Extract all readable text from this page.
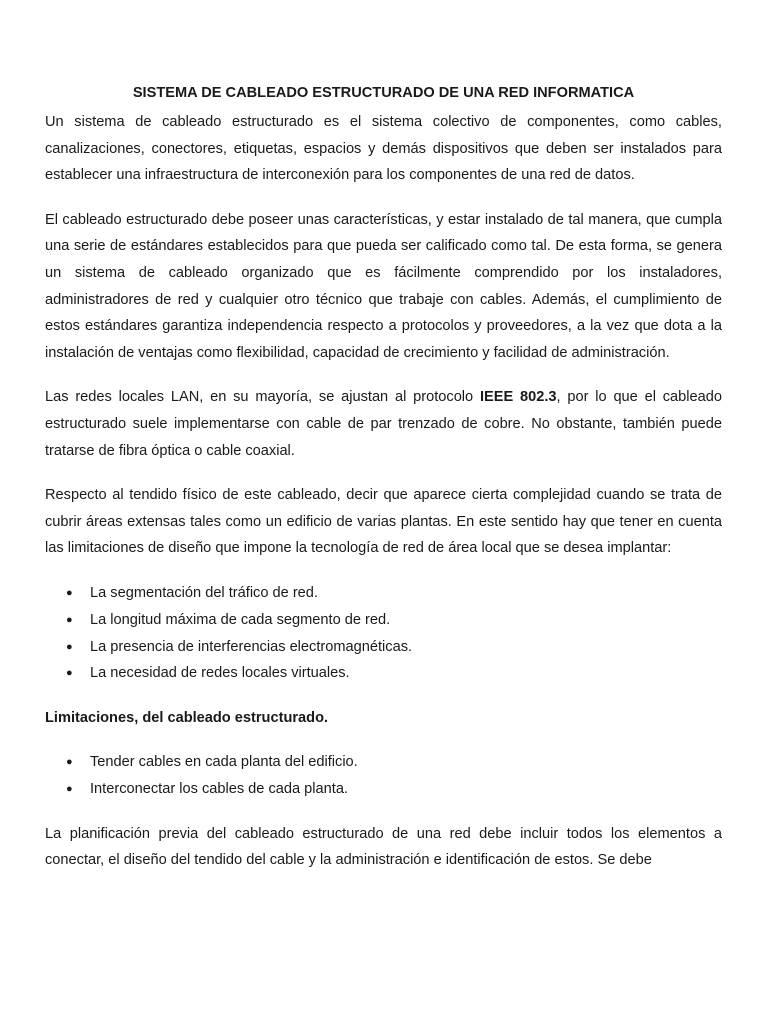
SISTEMA DE CABLEADO ESTRUCTURADO DE UNA RED INFORMATICA

Un sistema de cableado estructurado es el sistema colectivo de componentes, como cables, canalizaciones, conectores, etiquetas, espacios y demás dispositivos que deben ser instalados para establecer una infraestructura de interconexión para los componentes de una red de datos.

El cableado estructurado debe poseer unas características, y estar instalado de tal manera, que cumpla una serie de estándares establecidos para que pueda ser calificado como tal. De esta forma, se genera un sistema de cableado organizado que es fácilmente comprendido por los instaladores, administradores de red y cualquier otro técnico que trabaje con cables. Además, el cumplimiento de estos estándares garantiza independencia respecto a protocolos y proveedores, a la vez que dota a la instalación de ventajas como flexibilidad, capacidad de crecimiento y facilidad de administración.

Las redes locales LAN, en su mayoría, se ajustan al protocolo IEEE 802.3, por lo que el cableado estructurado suele implementarse con cable de par trenzado de cobre. No obstante, también puede tratarse de fibra óptica o cable coaxial.

Respecto al tendido físico de este cableado, decir que aparece cierta complejidad cuando se trata de cubrir áreas extensas tales como un edificio de varias plantas. En este sentido hay que tener en cuenta las limitaciones de diseño que impone la tecnología de red de área local que se desea implantar:

● La segmentación del tráfico de red.
● La longitud máxima de cada segmento de red.
● La presencia de interferencias electromagnéticas.
● La necesidad de redes locales virtuales.
Limitaciones, del cableado estructurado.
● Tender cables en cada planta del edificio.
● Interconectar los cables de cada planta.

La planificación previa del cableado estructurado de una red debe incluir todos los elementos a conectar, el diseño del tendido del cable y la administración e identificación de estos. Se debe
